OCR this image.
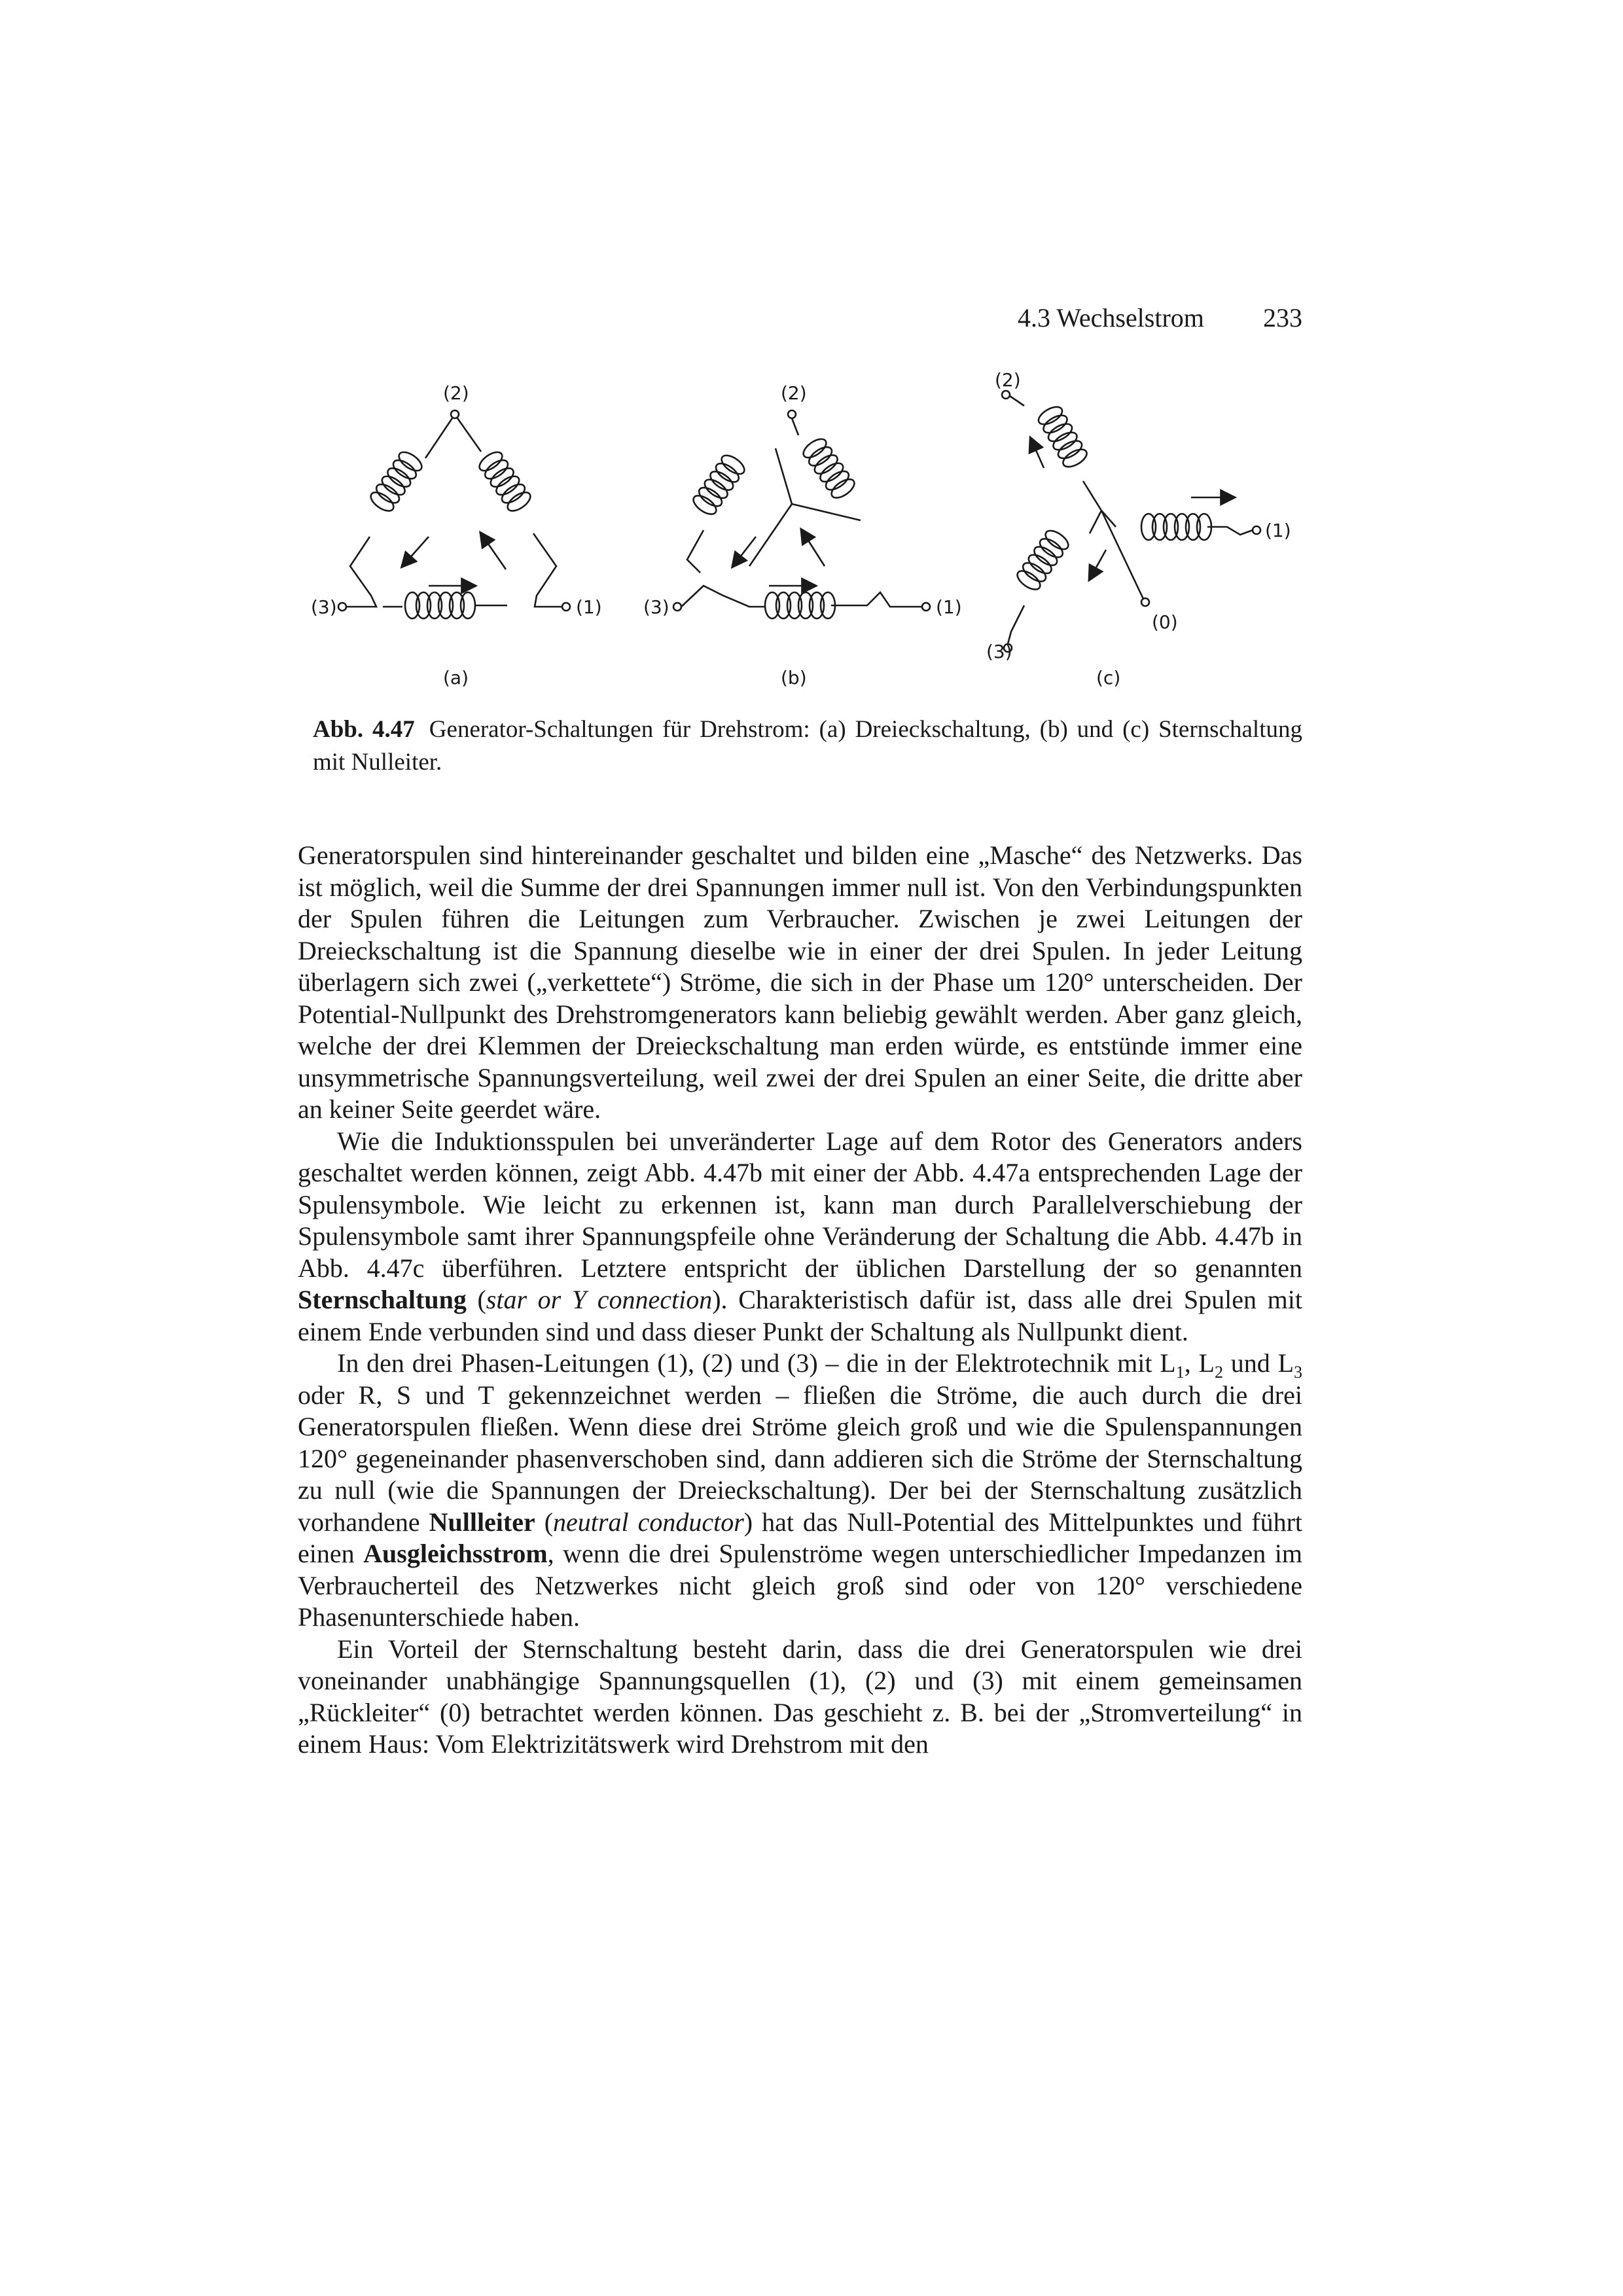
4.3 Wechselstrom 233
(2)
(3)	(1)
(a)
(2)
(3)	(1)
(b)
(2)
(1)
(3)
(0)
(c)
Abb. 4.47 Generator-Schaltungen für Drehstrom: (a) Dreieckschaltung, (b) und (c) Sternschaltung mit Nulleiter.

Generatorspulen sind hintereinander geschaltet und bilden eine „Masche“ des Netzwerks. Das ist möglich, weil die Summe der drei Spannungen immer null ist. Von den Verbindungspunkten der Spulen führen die Leitungen zum Verbraucher. Zwischen je zwei Leitungen der Dreieckschaltung ist die Spannung dieselbe wie in einer der drei Spulen. In jeder Leitung überlagern sich zwei („verkettete“) Ströme, die sich in der Phase um 120° unterscheiden. Der Potential-Nullpunkt des Drehstromgenerators kann beliebig gewählt werden. Aber ganz gleich, welche der drei Klemmen der Dreieckschaltung man erden würde, es entstünde immer eine unsymmetrische Spannungsverteilung, weil zwei der drei Spulen an einer Seite, die dritte aber an keiner Seite geerdet wäre.

Wie die Induktionsspulen bei unveränderter Lage auf dem Rotor des Generators anders geschaltet werden können, zeigt Abb. 4.47b mit einer der Abb. 4.47a entsprechenden Lage der Spulensymbole. Wie leicht zu erkennen ist, kann man durch Parallelverschiebung der Spulensymbole samt ihrer Spannungspfeile ohne Veränderung der Schaltung die Abb. 4.47b in Abb. 4.47c überführen. Letztere entspricht der üblichen Darstellung der so genannten Sternschaltung (star or Y connection). Charakteristisch dafür ist, dass alle drei Spulen mit einem Ende verbunden sind und dass dieser Punkt der Schaltung als Nullpunkt dient.

In den drei Phasen-Leitungen (1), (2) und (3) – die in der Elektrotechnik mit $L_1$, $L_2$ und $L_3$ oder R, S und T gekennzeichnet werden – fließen die Ströme, die auch durch die drei Generatorspulen fließen. Wenn diese drei Ströme gleich groß und wie die Spulenspannungen 120° gegeneinander phasenverschoben sind, dann addieren sich die Ströme der Sternschaltung zu null (wie die Spannungen der Dreieckschaltung). Der bei der Sternschaltung zusätzlich vorhandene Nullleiter (neutral conductor) hat das Null-Potential des Mittelpunktes und führt einen Ausgleichsstrom, wenn die drei Spulenströme wegen unterschiedlicher Impedanzen im Verbraucherteil des Netzwerkes nicht gleich groß sind oder von 120° verschiedene Phasenunterschiede haben.

Ein Vorteil der Sternschaltung besteht darin, dass die drei Generatorspulen wie drei voneinander unabhängige Spannungsquellen (1), (2) und (3) mit einem gemeinsamen „Rückleiter“ (0) betrachtet werden können. Das geschieht z. B. bei der „Stromverteilung“ in einem Haus: Vom Elektrizitätswerk wird Drehstrom mit den
